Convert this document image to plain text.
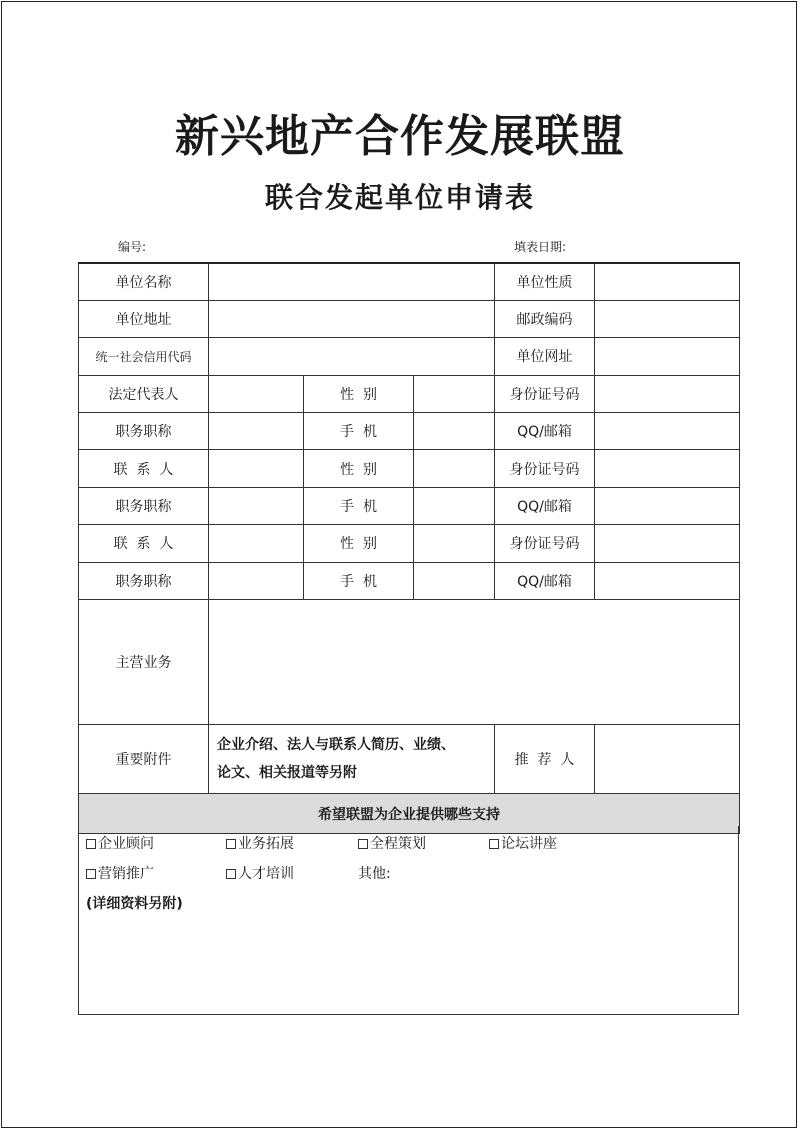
新兴地产合作发展联盟
联合发起单位申请表
编号:	填表日期:
单位名称				单位性质	
单位地址				邮政编码	
统一社会信用代码				单位网址	
法定代表人		性  别		身份证号码	
职务职称		手  机		QQ/邮箱	
联  系  人		性  别		身份证号码	
职务职称		手  机		QQ/邮箱	
联  系  人		性  别		身份证号码	
职务职称		手  机		QQ/邮箱	
主营业务					
重要附件	企业介绍、法人与联系人简历、业绩、
论文、相关报道等另附			推  荐  人	
希望联盟为企业提供哪些支持					
企业顾问	业务拓展	全程策划	论坛讲座
营销推广	人才培训	其他:
(详细资料另附)
